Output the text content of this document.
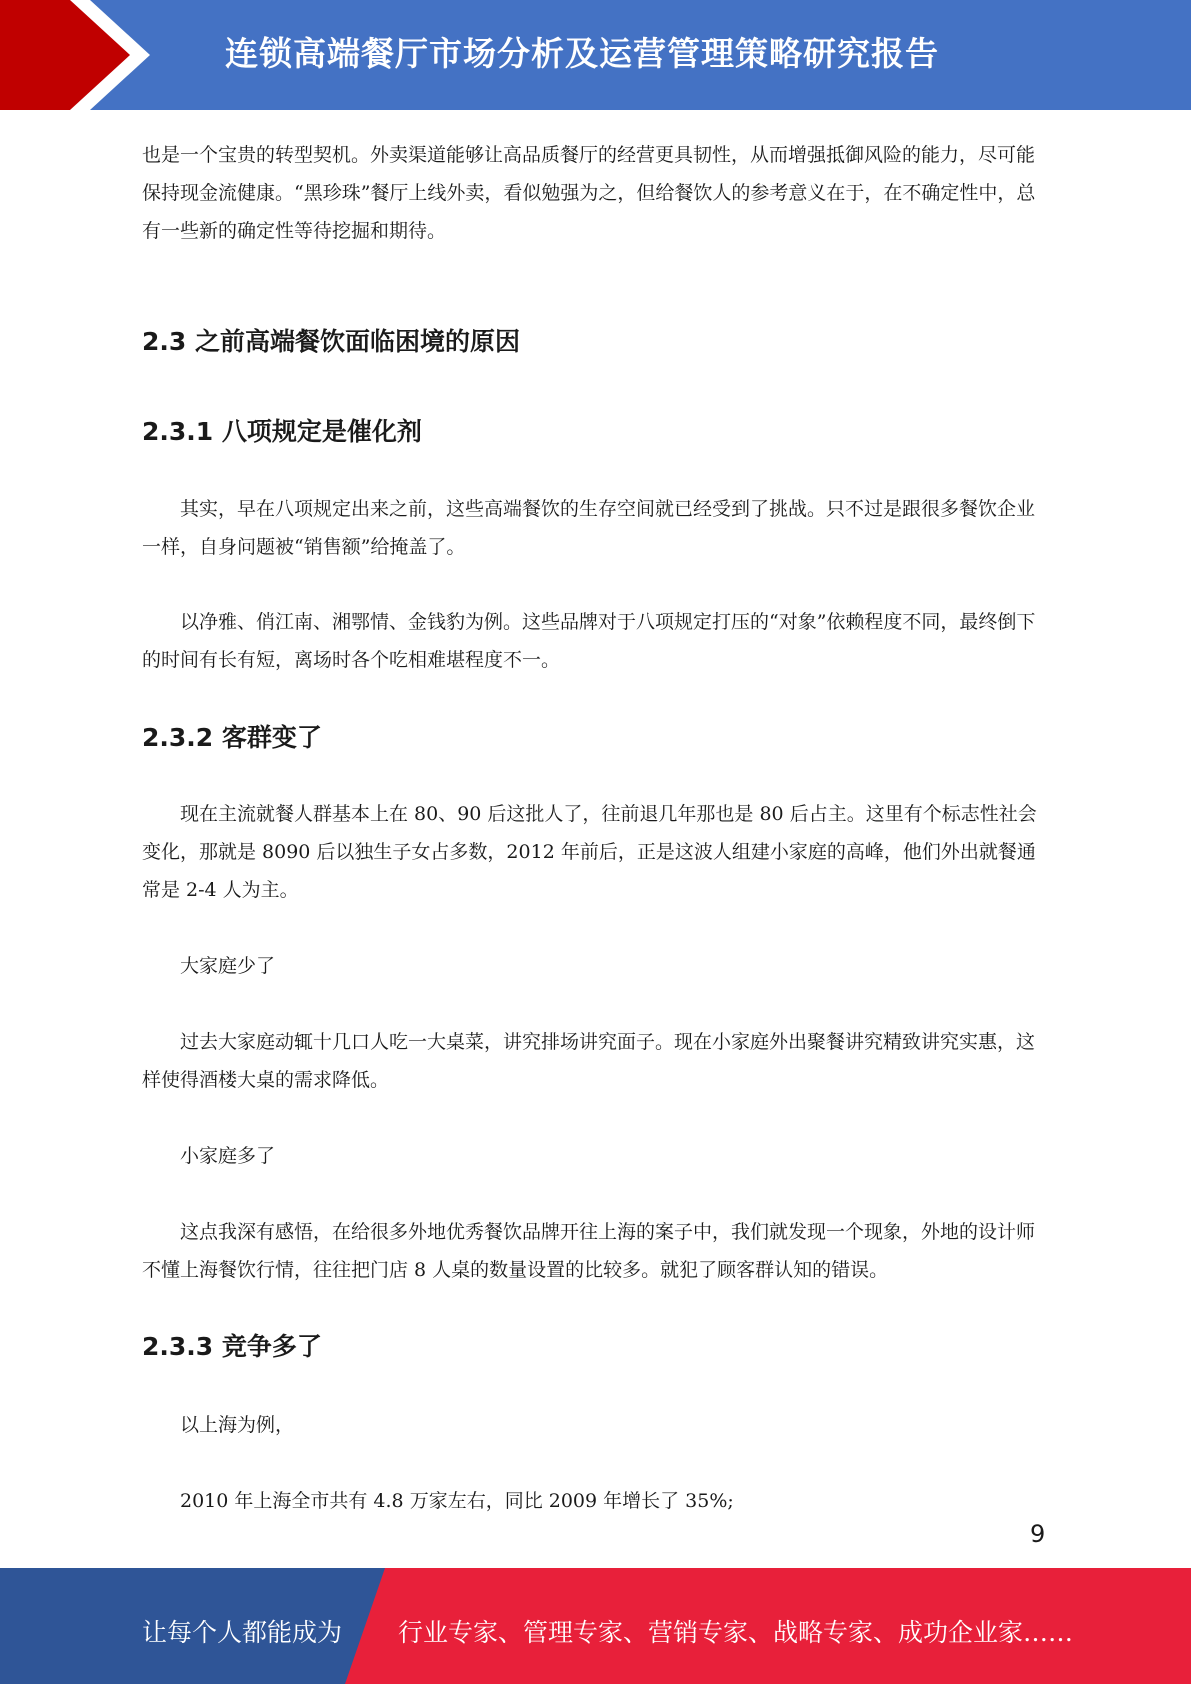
连锁高端餐厅市场分析及运营管理策略研究报告

也是一个宝贵的转型契机。外卖渠道能够让高品质餐厅的经营更具韧性，从而增强抵御风险的能力，尽可能保持现金流健康。“黑珍珠”餐厅上线外卖，看似勉强为之，但给餐饮人的参考意义在于，在不确定性中，总有一些新的确定性等待挖掘和期待。

2.3 之前高端餐饮面临困境的原因
2.3.1 八项规定是催化剂

其实，早在八项规定出来之前，这些高端餐饮的生存空间就已经受到了挑战。只不过是跟很多餐饮企业一样，自身问题被“销售额”给掩盖了。

以净雅、俏江南、湘鄂情、金钱豹为例。这些品牌对于八项规定打压的“对象”依赖程度不同，最终倒下的时间有长有短，离场时各个吃相难堪程度不一。

2.3.2 客群变了

现在主流就餐人群基本上在 80、90 后这批人了，往前退几年那也是 80 后占主。这里有个标志性社会变化，那就是 8090 后以独生子女占多数，2012 年前后，正是这波人组建小家庭的高峰，他们外出就餐通常是 2-4 人为主。

大家庭少了

过去大家庭动辄十几口人吃一大桌菜，讲究排场讲究面子。现在小家庭外出聚餐讲究精致讲究实惠，这样使得酒楼大桌的需求降低。

小家庭多了

这点我深有感悟，在给很多外地优秀餐饮品牌开往上海的案子中，我们就发现一个现象，外地的设计师不懂上海餐饮行情，往往把门店 8 人桌的数量设置的比较多。就犯了顾客群认知的错误。

2.3.3 竞争多了

以上海为例，

2010 年上海全市共有 4.8 万家左右，同比 2009 年增长了 35%;

9
让每个人都能成为 行业专家、管理专家、营销专家、战略专家、成功企业家……
